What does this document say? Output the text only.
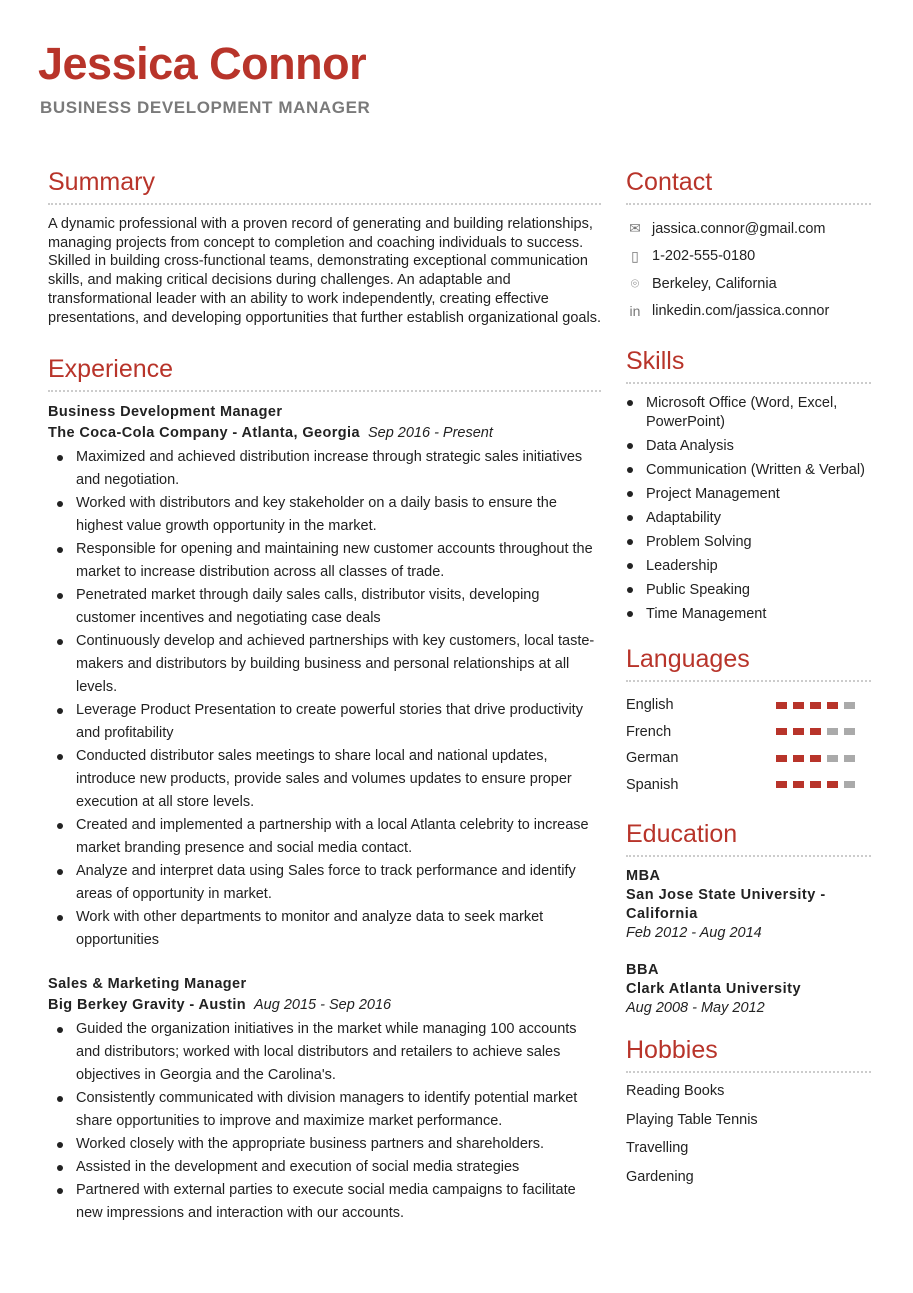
Jessica Connor
BUSINESS DEVELOPMENT MANAGER
Summary

A dynamic professional with a proven record of generating and building relationships, managing projects from concept to completion and coaching individuals to success. Skilled in building cross-functional teams, demonstrating exceptional communication skills, and making critical decisions during challenges. An adaptable and transformational leader with an ability to work independently, creating effective presentations, and developing opportunities that further establish organizational goals.

Experience
Business Development Manager
The Coca-Cola Company - Atlanta, Georgia Sep 2016 - Present
Maximized and achieved distribution increase through strategic sales initiatives and negotiation.
Worked with distributors and key stakeholder on a daily basis to ensure the highest value growth opportunity in the market.
Responsible for opening and maintaining new customer accounts throughout the market to increase distribution across all classes of trade.
Penetrated market through daily sales calls, distributor visits, developing customer incentives and negotiating case deals
Continuously develop and achieved partnerships with key customers, local taste-makers and distributors by building business and personal relationships at all levels.
Leverage Product Presentation to create powerful stories that drive productivity and profitability
Conducted distributor sales meetings to share local and national updates, introduce new products, provide sales and volumes updates to ensure proper execution at all store levels.
Created and implemented a partnership with a local Atlanta celebrity to increase market branding presence and social media contact.
Analyze and interpret data using Sales force to track performance and identify areas of opportunity in market.
Work with other departments to monitor and analyze data to seek market opportunities
Sales & Marketing Manager
Big Berkey Gravity - Austin Aug 2015 - Sep 2016
Guided the organization initiatives in the market while managing 100 accounts and distributors; worked with local distributors and retailers to achieve sales objectives in Georgia and the Carolina's.
Consistently communicated with division managers to identify potential market share opportunities to improve and maximize market performance.
Worked closely with the appropriate business partners and shareholders.
Assisted in the development and execution of social media strategies
Partnered with external parties to execute social media campaigns to facilitate new impressions and interaction with our accounts.
Contact
✉ jassica.connor@gmail.com
▯ 1-202-555-0180
⌾ Berkeley, California
in linkedin.com/jassica.connor
Skills
Microsoft Office (Word, Excel, PowerPoint)
Data Analysis
Communication (Written & Verbal)
Project Management
Adaptability
Problem Solving
Leadership
Public Speaking
Time Management
Languages
English
French
German
Spanish
Education
MBA
San Jose State University - California
Feb 2012 - Aug 2014
BBA
Clark Atlanta University
Aug 2008 - May 2012
Hobbies
Reading Books
Playing Table Tennis
Travelling
Gardening
